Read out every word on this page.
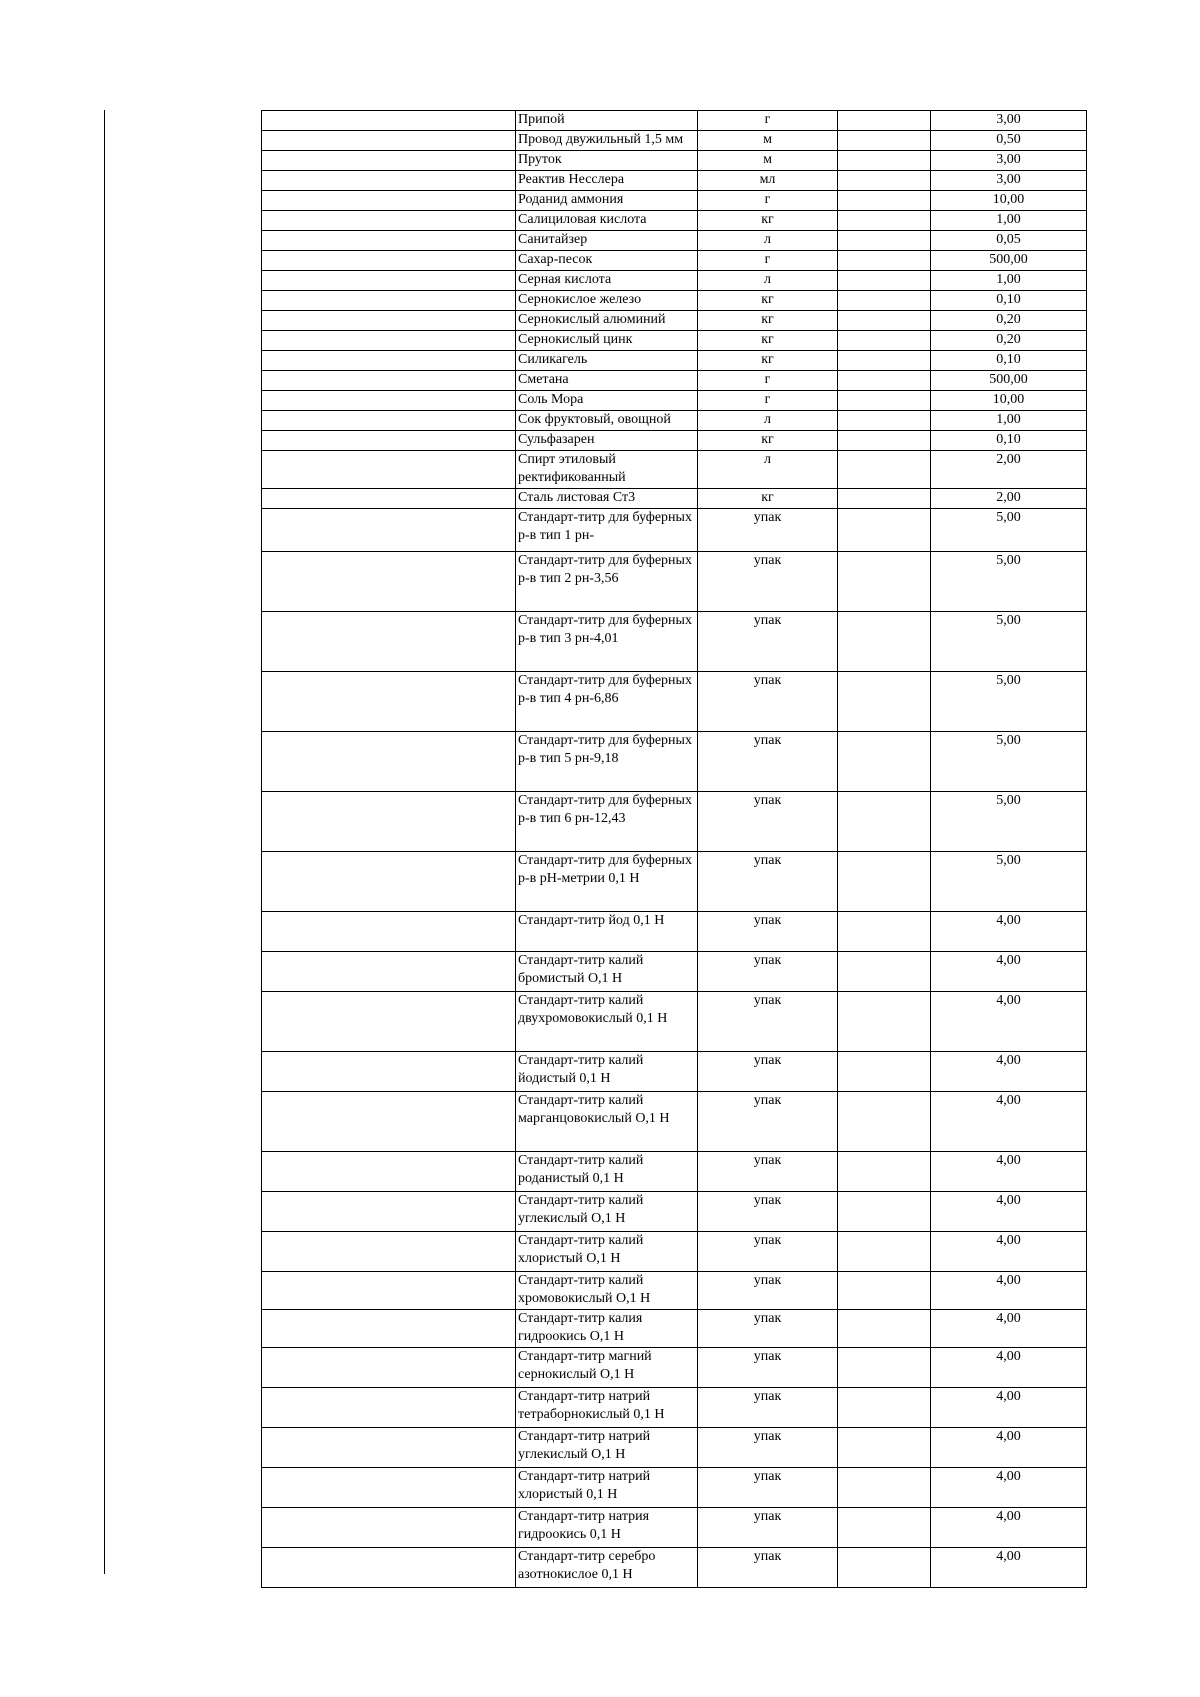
	Припой	г		3,00
	Провод двужильный 1,5 мм	м		0,50
	Пруток	м		3,00
	Реактив Несслера	мл		3,00
	Роданид аммония	г		10,00
	Салициловая кислота	кг		1,00
	Санитайзер	л		0,05
	Сахар-песок	г		500,00
	Серная кислота	л		1,00
	Сернокислое железо	кг		0,10
	Сернокислый алюминий	кг		0,20
	Сернокислый цинк	кг		0,20
	Силикагель	кг		0,10
	Сметана	г		500,00
	Соль Мора	г		10,00
	Сок фруктовый, овощной	л		1,00
	Сульфазарен	кг		0,10
	Спирт этиловый ректификованный	л		2,00
	Сталь листовая Ст3	кг		2,00
	Стандарт-титр для буферных р-в тип 1 рн-	упак		5,00
	Стандарт-титр для буферных р-в тип 2 рн-3,56	упак		5,00
	Стандарт-титр для буферных р-в тип 3 рн-4,01	упак		5,00
	Стандарт-титр для буферных р-в тип 4 рн-6,86	упак		5,00
	Стандарт-титр для буферных р-в тип 5 рн-9,18	упак		5,00
	Стандарт-титр для буферных р-в тип 6 рн-12,43	упак		5,00
	Стандарт-титр для буферных р-в рН-метрии 0,1 Н	упак		5,00
	Стандарт-титр йод 0,1 Н	упак		4,00
	Стандарт-титр калий бромистый О,1 Н	упак		4,00
	Стандарт-титр калий двухромовокислый 0,1 Н	упак		4,00
	Стандарт-титр калий йодистый 0,1 Н	упак		4,00
	Стандарт-титр калий марганцовокислый О,1 Н	упак		4,00
	Стандарт-титр калий роданистый 0,1 Н	упак		4,00
	Стандарт-титр калий углекислый О,1 Н	упак		4,00
	Стандарт-титр калий хлористый О,1 Н	упак		4,00
	Стандарт-титр калий хромовокислый О,1 Н	упак		4,00
	Стандарт-титр калия гидроокись О,1 Н	упак		4,00
	Стандарт-титр магний сернокислый О,1 Н	упак		4,00
	Стандарт-титр натрий тетраборнокислый 0,1 Н	упак		4,00
	Стандарт-титр натрий углекислый О,1 Н	упак		4,00
	Стандарт-титр натрий хлористый 0,1 Н	упак		4,00
	Стандарт-титр натрия гидроокись 0,1 Н	упак		4,00
	Стандарт-титр серебро азотнокислое 0,1 Н	упак		4,00
